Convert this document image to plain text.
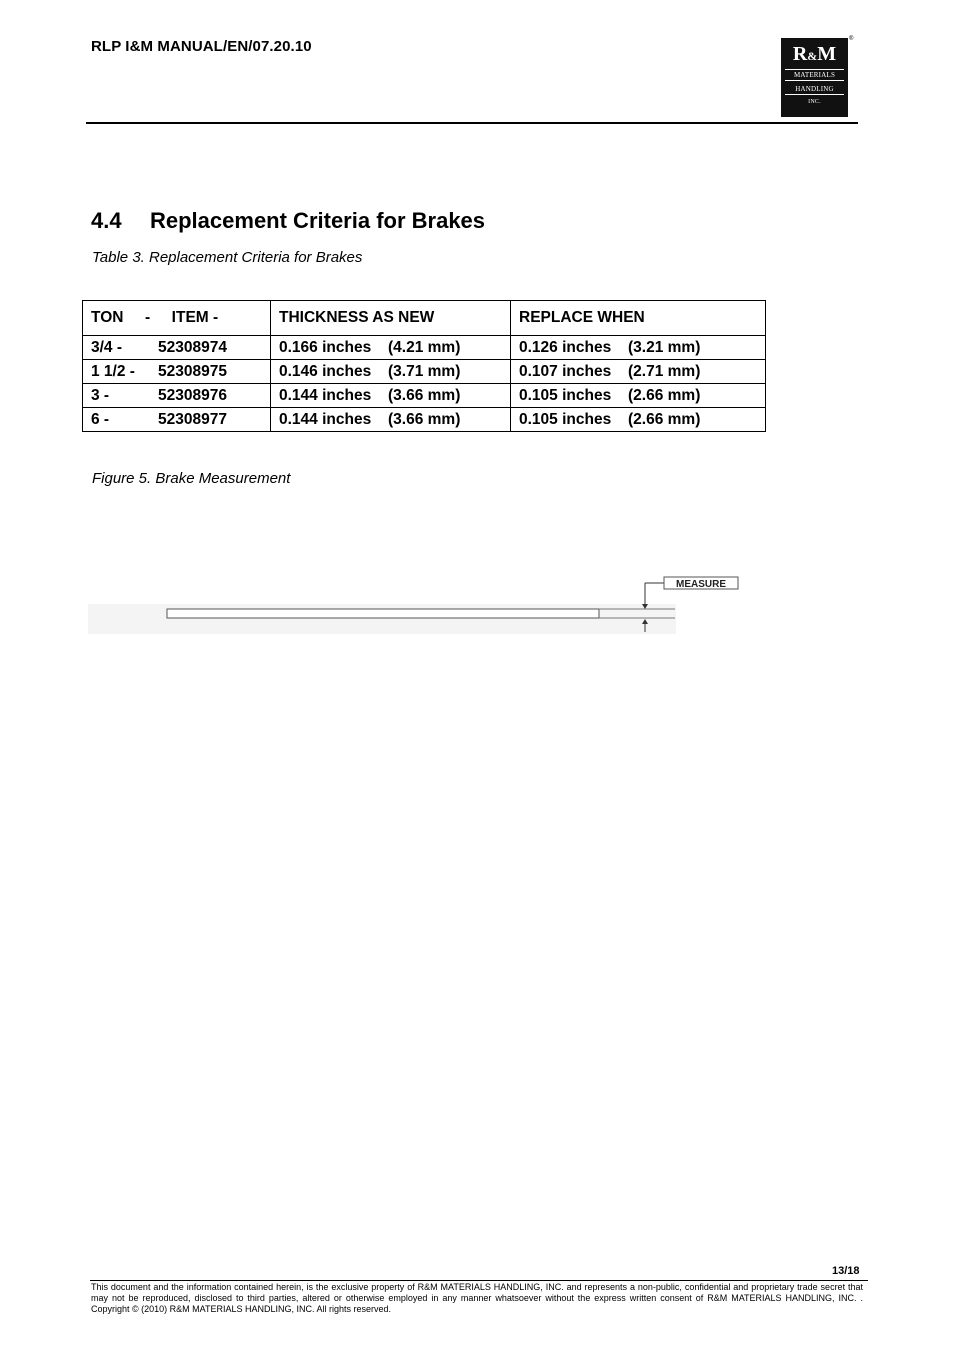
RLP I&M MANUAL/EN/07.20.10	R&M
MATERIALS
HANDLING
INC.
®
4.4 Replacement Criteria for Brakes
Table 3. Replacement Criteria for Brakes
TON     -     ITEM -	THICKNESS AS NEW	REPLACE WHEN
3/4 - 52308974	0.166 inches (4.21 mm)	0.126 inches (3.21 mm)
1 1/2 - 52308975	0.146 inches (3.71 mm)	0.107 inches (2.71 mm)
3 - 52308976	0.144 inches (3.66 mm)	0.105 inches (2.66 mm)
6 - 52308977	0.144 inches (3.66 mm)	0.105 inches (2.66 mm)
Figure 5. Brake Measurement
MEASURE
13/18
This document and the information contained herein, is the exclusive property of R&M MATERIALS HANDLING, INC. and represents a non-public, confidential and proprietary trade secret that may not be reproduced, disclosed to third parties, altered or otherwise employed in any manner whatsoever without the express written consent of R&M MATERIALS HANDLING, INC. . Copyright © (2010) R&M MATERIALS HANDLING, INC. All rights reserved.
